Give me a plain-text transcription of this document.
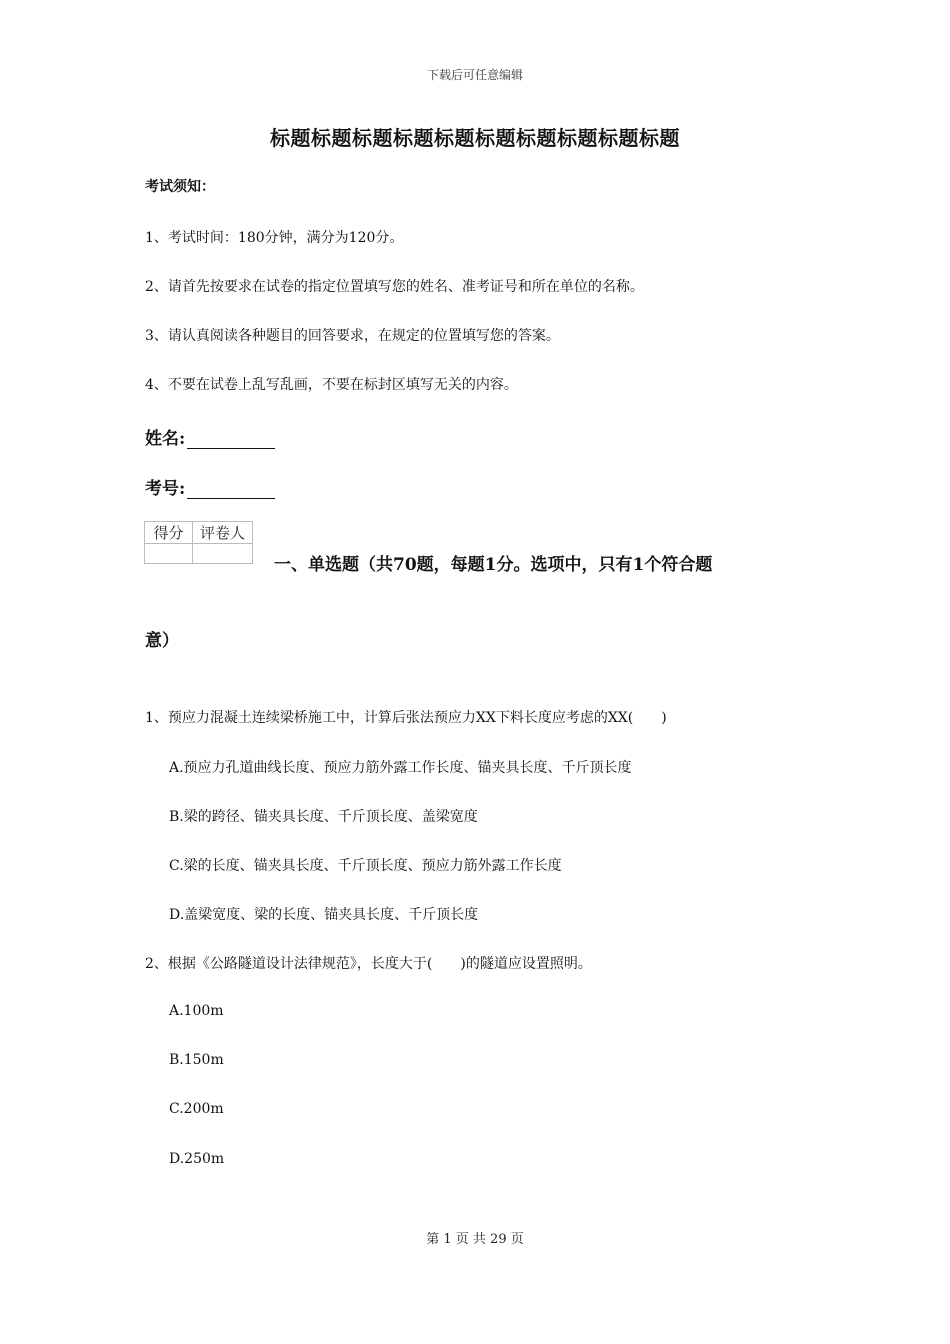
下载后可任意编辑
标题标题标题标题标题标题标题标题标题标题
考试须知：
1、考试时间：180分钟，满分为120分。
2、请首先按要求在试卷的指定位置填写您的姓名、准考证号和所在单位的名称。
3、请认真阅读各种题目的回答要求，在规定的位置填写您的答案。
4、不要在试卷上乱写乱画，不要在标封区填写无关的内容。
姓名:
考号:
得分	评卷人

一、单选题（共70题，每题1分。选项中，只有1个符合题
意）
1、预应力混凝土连续梁桥施工中，计算后张法预应力XX下料长度应考虑的XX(　　)
A.预应力孔道曲线长度、预应力筋外露工作长度、锚夹具长度、千斤顶长度
B.梁的跨径、锚夹具长度、千斤顶长度、盖梁宽度
C.梁的长度、锚夹具长度、千斤顶长度、预应力筋外露工作长度
D.盖梁宽度、梁的长度、锚夹具长度、千斤顶长度
2、根据《公路隧道设计法律规范》，长度大于(　　)的隧道应设置照明。
A.100m
B.150m
C.200m
D.250m
第 1 页 共 29 页
